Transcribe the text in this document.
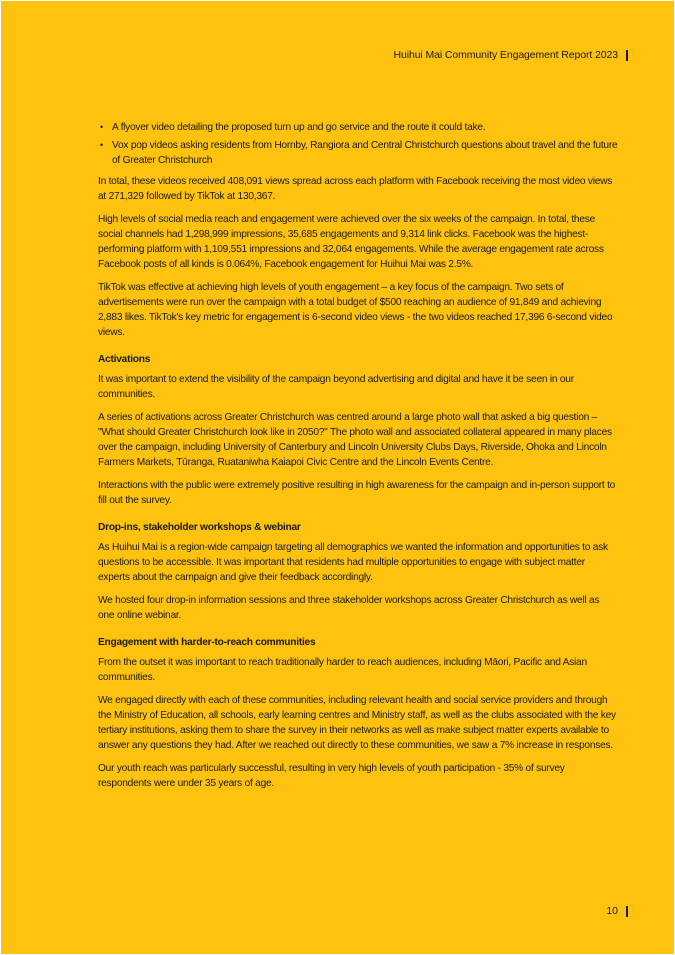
Huihui Mai Community Engagement Report 2023
• A flyover video detailing the proposed turn up and go service and the route it could take.
• Vox pop videos asking residents from Hornby, Rangiora and Central Christchurch questions about travel and the future of Greater Christchurch

In total, these videos received 408,091 views spread across each platform with Facebook receiving the most video views at 271,329 followed by TikTok at 130,367.

High levels of social media reach and engagement were achieved over the six weeks of the campaign. In total, these social channels had 1,298,999 impressions, 35,685 engagements and 9,314 link clicks. Facebook was the highest-performing platform with 1,109,551 impressions and 32,064 engagements. While the average engagement rate across Facebook posts of all kinds is 0.064%, Facebook engagement for Huihui Mai was 2.5%.

TikTok was effective at achieving high levels of youth engagement – a key focus of the campaign. Two sets of advertisements were run over the campaign with a total budget of $500 reaching an audience of 91,849 and achieving 2,883 likes. TikTok's key metric for engagement is 6-second video views - the two videos reached 17,396 6-second video views.

Activations

It was important to extend the visibility of the campaign beyond advertising and digital and have it be seen in our communities.

A series of activations across Greater Christchurch was centred around a large photo wall that asked a big question – "What should Greater Christchurch look like in 2050?" The photo wall and associated collateral appeared in many places over the campaign, including University of Canterbury and Lincoln University Clubs Days, Riverside, Ohoka and Lincoln Farmers Markets, Tūranga, Ruataniwha Kaiapoi Civic Centre and the Lincoln Events Centre.

Interactions with the public were extremely positive resulting in high awareness for the campaign and in-person support to fill out the survey.

Drop-ins, stakeholder workshops & webinar

As Huihui Mai is a region-wide campaign targeting all demographics we wanted the information and opportunities to ask questions to be accessible. It was important that residents had multiple opportunities to engage with subject matter experts about the campaign and give their feedback accordingly.

We hosted four drop-in information sessions and three stakeholder workshops across Greater Christchurch as well as one online webinar.

Engagement with harder-to-reach communities

From the outset it was important to reach traditionally harder to reach audiences, including Māori, Pacific and Asian communities.

We engaged directly with each of these communities, including relevant health and social service providers and through the Ministry of Education, all schools, early learning centres and Ministry staff, as well as the clubs associated with the key tertiary institutions, asking them to share the survey in their networks as well as make subject matter experts available to answer any questions they had. After we reached out directly to these communities, we saw a 7% increase in responses.

Our youth reach was particularly successful, resulting in very high levels of youth participation - 35% of survey respondents were under 35 years of age.

10
